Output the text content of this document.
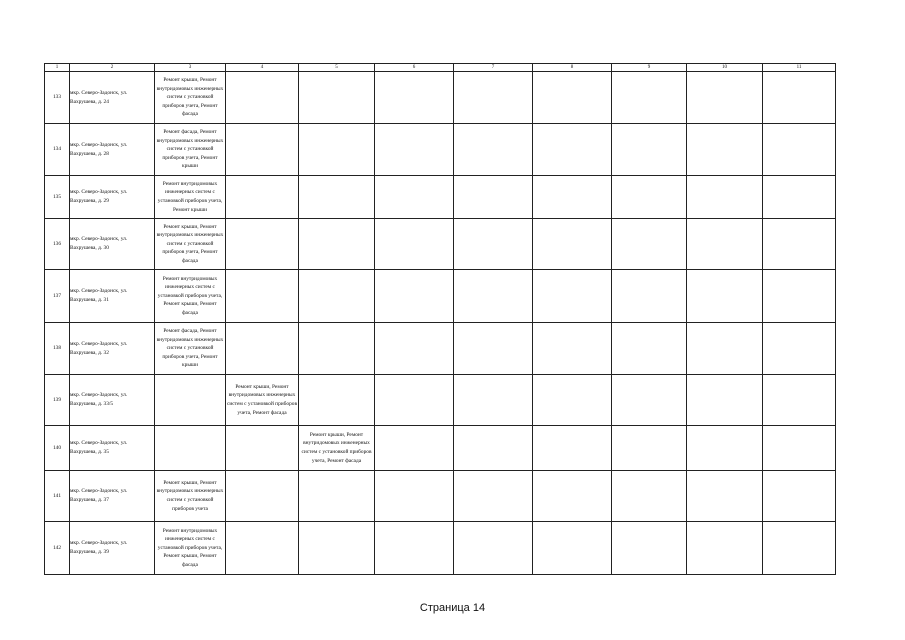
1	2	3	4	5	6	7	8	9	10	11
133	мкр. Северо-Задонск, ул. Вахрушева, д. 24	Ремонт крыши, Ремонт внутридомовых инженерных систем с установкой приборов учета, Ремонт фасада								
134	мкр. Северо-Задонск, ул. Вахрушева, д. 28	Ремонт фасада, Ремонт внутридомовых инженерных систем с установкой приборов учета, Ремонт крыши								
135	мкр. Северо-Задонск, ул. Вахрушева, д. 29	Ремонт внутридомовых инженерных систем с установкой приборов учета, Ремонт крыши								
136	мкр. Северо-Задонск, ул. Вахрушева, д. 30	Ремонт крыши, Ремонт внутридомовых инженерных систем с установкой приборов учета, Ремонт фасада								
137	мкр. Северо-Задонск, ул. Вахрушева, д. 31	Ремонт внутридомовых инженерных систем с установкой приборов учета, Ремонт крыши, Ремонт фасада								
138	мкр. Северо-Задонск, ул. Вахрушева, д. 32	Ремонт фасада, Ремонт внутридомовых инженерных систем с установкой приборов учета, Ремонт крыши								
139	мкр. Северо-Задонск, ул. Вахрушева, д. 33/5		Ремонт крыши, Ремонт внутридомовых инженерных систем с установкой приборов учета, Ремонт фасада							
140	мкр. Северо-Задонск, ул. Вахрушева, д. 35			Ремонт крыши, Ремонт внутридомовых инженерных систем с установкой приборов учета, Ремонт фасада						
141	мкр. Северо-Задонск, ул. Вахрушева, д. 37	Ремонт крыши, Ремонт внутридомовых инженерных систем с установкой приборов учета								
142	мкр. Северо-Задонск, ул. Вахрушева, д. 39	Ремонт внутридомовых инженерных систем с установкой приборов учета, Ремонт крыши, Ремонт фасада								
Страница 14
